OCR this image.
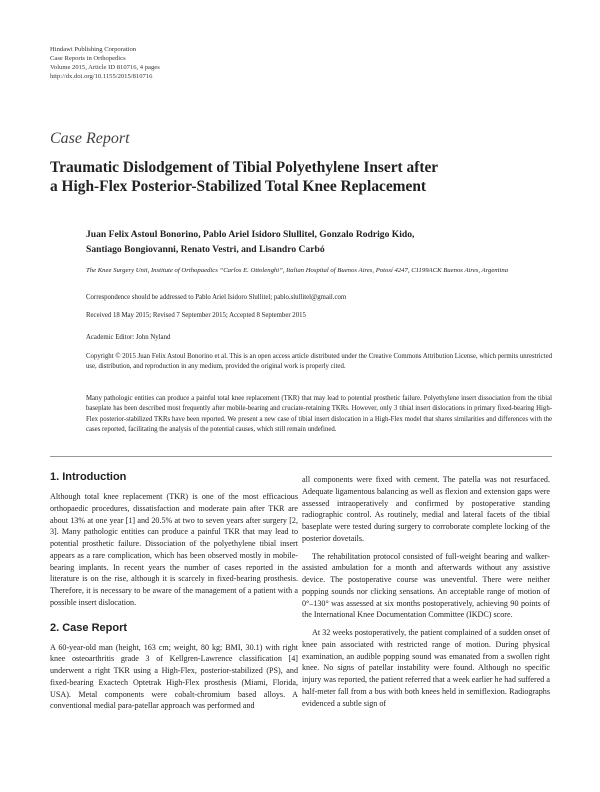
Hindawi Publishing Corporation
Case Reports in Orthopedics
Volume 2015, Article ID 810716, 4 pages
http://dx.doi.org/10.1155/2015/810716
Case Report
Traumatic Dislodgement of Tibial Polyethylene Insert after
a High-Flex Posterior-Stabilized Total Knee Replacement
Juan Felix Astoul Bonorino, Pablo Ariel Isidoro Slullitel, Gonzalo Rodrigo Kido,
Santiago Bongiovanni, Renato Vestri, and Lisandro Carbó
The Knee Surgery Unit, Institute of Orthopaedics “Carlos E. Ottolenghi”, Italian Hospital of Buenos Aires, Potosí 4247, C1199ACK Buenos Aires, Argentina
Correspondence should be addressed to Pablo Ariel Isidoro Slullitel; pablo.slullitel@gmail.com
Received 18 May 2015; Revised 7 September 2015; Accepted 8 September 2015
Academic Editor: John Nyland
Copyright © 2015 Juan Felix Astoul Bonorino et al. This is an open access article distributed under the Creative Commons Attribution License, which permits unrestricted use, distribution, and reproduction in any medium, provided the original work is properly cited.
Many pathologic entities can produce a painful total knee replacement (TKR) that may lead to potential prosthetic failure. Polyethylene insert dissociation from the tibial baseplate has been described most frequently after mobile-bearing and cruciate-retaining TKRs. However, only 3 tibial insert dislocations in primary fixed-bearing High-Flex posterior-stabilized TKRs have been reported. We present a new case of tibial insert dislocation in a High-Flex model that shares similarities and differences with the cases reported, facilitating the analysis of the potential causes, which still remain undefined.
1. Introduction

Although total knee replacement (TKR) is one of the most efficacious orthopaedic procedures, dissatisfaction and moderate pain after TKR are about 13% at one year [1] and 20.5% at two to seven years after surgery [2, 3]. Many pathologic entities can produce a painful TKR that may lead to potential prosthetic failure. Dissociation of the polyethylene tibial insert appears as a rare complication, which has been observed mostly in mobile-bearing implants. In recent years the number of cases reported in the literature is on the rise, although it is scarcely in fixed-bearing prosthesis. Therefore, it is necessary to be aware of the management of a patient with a possible insert dislocation.

2. Case Report

A 60-year-old man (height, 163 cm; weight, 80 kg; BMI, 30.1) with right knee osteoarthritis grade 3 of Kellgren-Lawrence classification [4] underwent a right TKR using a High-Flex, posterior-stabilized (PS), and fixed-bearing Exactech Optetrak High-Flex prosthesis (Miami, Florida, USA). Metal components were cobalt-chromium based alloys. A conventional medial para-patellar approach was performed and

all components were fixed with cement. The patella was not resurfaced. Adequate ligamentous balancing as well as flexion and extension gaps were assessed intraoperatively and confirmed by postoperative standing radiographic control. As routinely, medial and lateral facets of the tibial baseplate were tested during surgery to corroborate complete locking of the posterior dovetails.

The rehabilitation protocol consisted of full-weight bearing and walker-assisted ambulation for a month and afterwards without any assistive device. The postoperative course was uneventful. There were neither popping sounds nor clicking sensations. An acceptable range of motion of 0°–130° was assessed at six months postoperatively, achieving 90 points of the International Knee Documentation Committee (IKDC) score.

At 32 weeks postoperatively, the patient complained of a sudden onset of knee pain associated with restricted range of motion. During physical examination, an audible popping sound was emanated from a swollen right knee. No signs of patellar instability were found. Although no specific injury was reported, the patient referred that a week earlier he had suffered a half-meter fall from a bus with both knees held in semiflexion. Radiographs evidenced a subtle sign of
